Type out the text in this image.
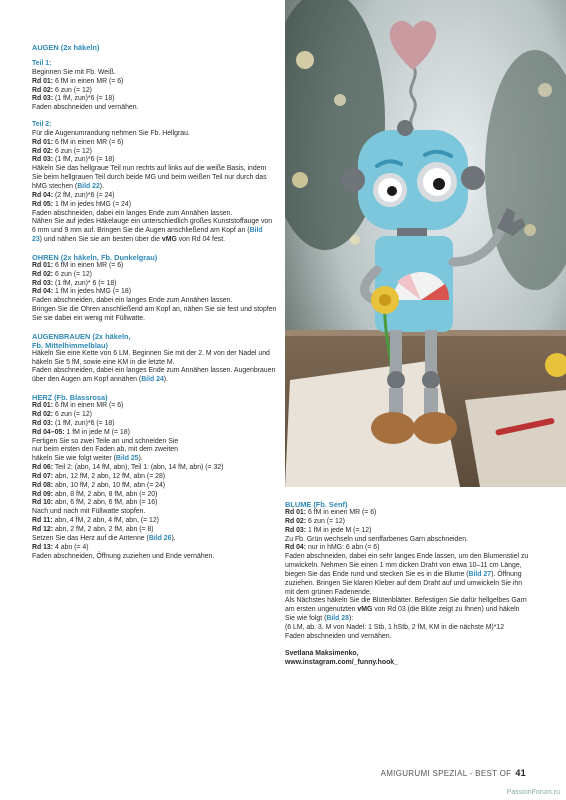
AUGEN (2x häkeln)

Teil 1:

Beginnen Sie mit Fb. Weiß.

Rd 01: 6 fM in einen MR (= 6)

Rd 02: 6 zun (= 12)

Rd 03: (1 fM, zun)*6 (= 18)

Faden abschneiden und vernähen.

Teil 2:

Für die Augenumrandung nehmen Sie Fb. Hellgrau.

Rd 01: 6 fM in einen MR (= 6)

Rd 02: 6 zun (= 12)

Rd 03: (1 fM, zun)*6 (= 18)

Häkeln Sie das hellgraue Teil nun rechts auf links auf die weiße Basis, indem

Sie beim hellgrauen Teil durch beide MG und beim weißen Teil nur durch das

hMG stechen (Bild 22).

Rd 04: (2 fM, zun)*6 (= 24)

Rd 05: 1 fM in jedes hMG (= 24)

Faden abschneiden, dabei ein langes Ende zum Annähen lassen.

Nähen Sie auf jedes Häkelauge ein unterschiedlich großes Kunststoffauge von

6 mm und 9 mm auf. Bringen Sie die Augen anschließend am Kopf an (Bild

23) und nähen Sie sie am besten über die vMG von Rd 04 fest.

OHREN (2x häkeln, Fb. Dunkelgrau)

Rd 01: 6 fM in einen MR (= 6)

Rd 02: 6 zun (= 12)

Rd 03: (1 fM, zun)* 6 (= 18)

Rd 04: 1 fM in jedes hMG (= 18)

Faden abschneiden, dabei ein langes Ende zum Annähen lassen.

Bringen Sie die Ohren anschließend am Kopf an, nähen Sie sie fest und stopfen

Sie sie dabei ein wenig mit Füllwatte.

AUGENBRAUEN (2x häkeln,

Fb. Mittelhimmelblau)

Häkeln Sie eine Kette von 6 LM. Beginnen Sie mit der 2. M von der Nadel und

häkeln Sie 5 fM, sowie eine KM in die letzte M.

Faden abschneiden, dabei ein langes Ende zum Annähen lassen. Augenbrauen

über den Augen am Kopf annähen (Bild 24).

HERZ (Fb. Blassrosa)

Rd 01: 6 fM in einen MR (= 6)

Rd 02: 6 zun (= 12)

Rd 03: (1 fM, zun)*6 (= 18)

Rd 04–05: 1 fM in jede M (= 18)

Fertigen Sie so zwei Teile an und schneiden Sie

nur beim ersten den Faden ab, mit dem zweiten

häkeln Sie wie folgt weiter (Bild 25).

Rd 06: Teil 2: (abn, 14 fM, abn), Teil 1: (abn, 14 fM, abn) (= 32)

Rd 07: abn, 12 fM, 2 abn, 12 fM, abn (= 28)

Rd 08: abn, 10 fM, 2 abn, 10 fM, abn (= 24)

Rd 09: abn, 8 fM, 2 abn, 8 fM, abn (= 20)

Rd 10: abn, 6 fM, 2 abn, 6 fM, abn (= 16)

Nach und nach mit Füllwatte stopfen.

Rd 11: abn, 4 fM, 2 abn, 4 fM, abn, (= 12)

Rd 12: abn, 2 fM, 2 abn, 2 fM, abn (= 8)

Setzen Sie das Herz auf die Antenne (Bild 26).

Rd 13: 4 abn (= 4)

Faden abschneiden, Öffnung zuziehen und Ende vernähen.

BLUME (Fb. Senf)

Rd 01: 6 fM in einen MR (= 6)

Rd 02: 6 zun (= 12)

Rd 03: 1 fM in jede M (= 12)

Zu Fb. Grün wechseln und senffarbenes Garn abschneiden.

Rd 04: nur in hMG: 6 abn (= 6)

Faden abschneiden, dabei ein sehr langes Ende lassen, um den Blumenstiel zu

umwickeln. Nehmen Sie einen 1 mm dicken Draht von etwa 10–11 cm Länge,

biegen Sie das Ende rund und stecken Sie es in die Blume (Bild 27). Öffnung

zuziehen. Bringen Sie klaren Kleber auf dem Draht auf und umwickeln Sie ihn

mit dem grünen Fadenende.

Als Nächstes häkeln Sie die Blütenblätter. Befestigen Sie dafür hellgelbes Garn

am ersten ungenutzten vMG von Rd 03 (die Blüte zeigt zu Ihnen) und häkeln

Sie wie folgt (Bild 28):

(6 LM, ab. 3. M von Nadel: 1 Stb, 1 hStb, 2 fM, KM in die nächste M)*12

Faden abschneiden und vernähen.

Svetlana Maksimenko,

www.instagram.com/_funny.hook_

AMIGURUMI SPEZIAL - BEST OF 41
PassionForum.ru
